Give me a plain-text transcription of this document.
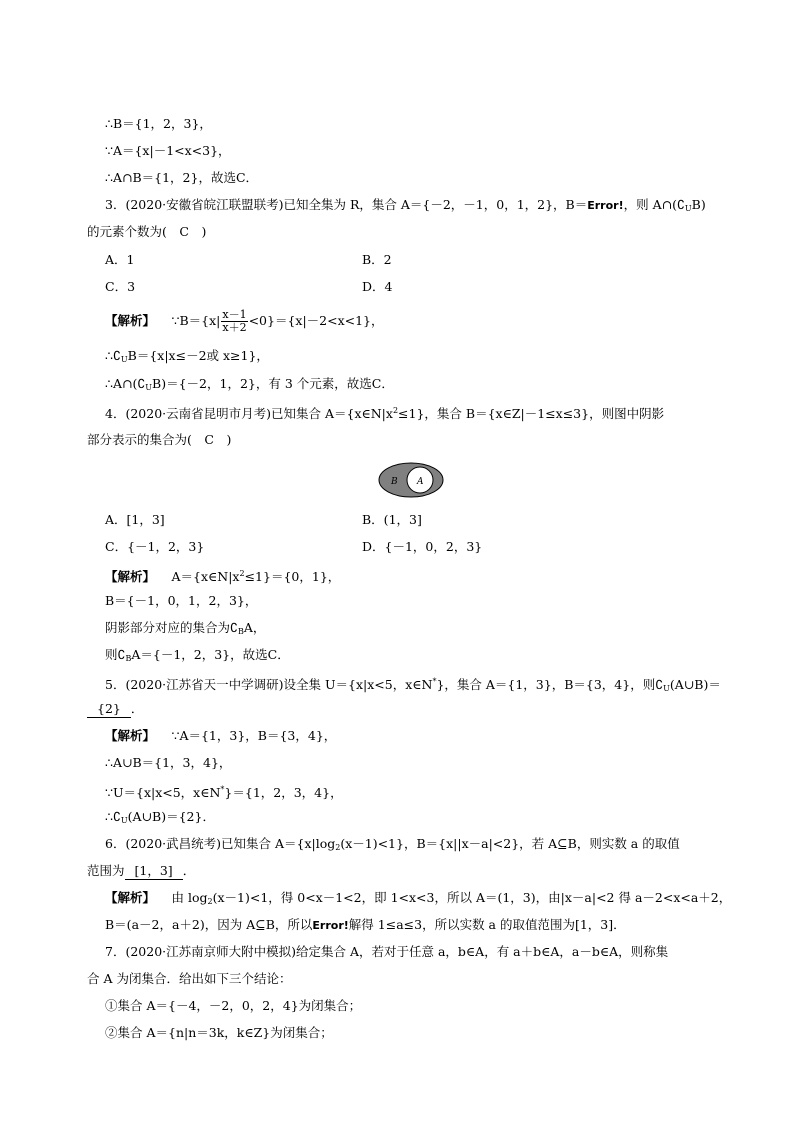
∴B＝{1，2，3}，
∵A＝{x|－1<x<3}，
∴A∩B＝{1，2}，故选C．
3．(2020·安徽省皖江联盟联考)已知全集为 R，集合 A＝{－2，－1，0，1，2}，B＝Error!，则 $A\cap(∁_UB)$
的元素个数为(　C　)
A．1	B．2
C．3	D．4
【解析】   ∵B＝{x| $\frac{x-1}{x+2} <0\}=\{x|-2<x<1\}$，
$\therefore∁_UB=\{x|x\le-2$或 x≥1}，
$\therefore A\cap(∁_UB)=\{-2$，1，2}，有 3 个元素，故选C．
4．(2020·云南省昆明市月考)已知集合 $A=\{x\in N|x^2\le 1\}$，集合 B＝{x∈Z|－1≤x≤3}，则图中阴影
部分表示的集合为(　C　)
B A
A．[1，3]	B．(1，3]
C．{－1，2，3}	D．{－1，0，2，3}
【解析】   $A=\{x\in N|x^2\le 1\}=\{0$，1}，
B＝{－1，0，1，2，3}，
阴影部分对应的集合为$∁_BA$，
则$∁_BA=\{-1$，2，3}，故选C．
5．(2020·江苏省天一中学调研)设全集 U＝{x|x<5，x∈N*}，集合 A＝{1，3}，B＝{3，4}，则$∁_U(A\cup B)=$
{2} ．
【解析】   ∵A＝{1，3}，B＝{3，4}，
∴A∪B＝{1，3，4}，
∵U＝{x|x<5，x∈N*}＝{1，2，3，4}，
$\therefore∁_U(A\cup B)=\{2\}$．
6．(2020·武昌统考)已知集合 $A=\{x|\log_2(x-1)<1\}$，B＝{x||x－a|<2}，若 A⊆B，则实数 a 的取值
范围为 [1，3] ．
【解析】   由 $\log_2(x-1)<1$，得 0<x－1<2，即 1<x<3，所以 A＝(1，3)，由|x－a|<2 得 a－2<x<a＋2，
B＝(a－2，a＋2)，因为 A⊆B，所以Error!解得 1≤a≤3，所以实数 a 的取值范围为[1，3]．
7．(2020·江苏南京师大附中模拟)给定集合 A，若对于任意 a，b∈A，有 a＋b∈A，a－b∈A，则称集
合 A 为闭集合．给出如下三个结论：
①集合 A＝{－4，－2，0，2，4}为闭集合；
②集合 A＝{n|n＝3k，k∈Z}为闭集合；
